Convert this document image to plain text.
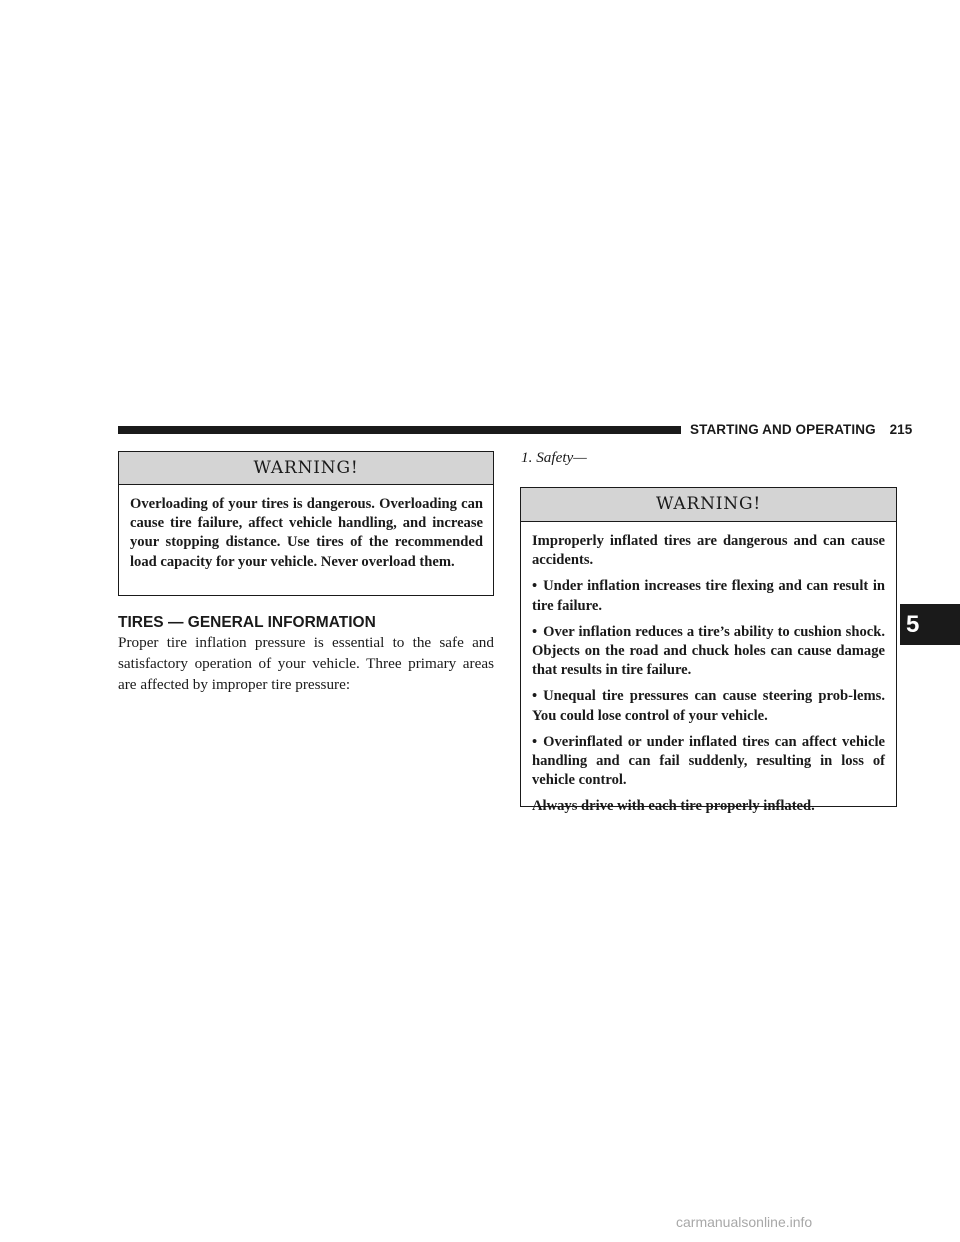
STARTING AND OPERATING 215
WARNING!

Overloading of your tires is dangerous. Overloading can cause tire failure, affect vehicle handling, and increase your stopping distance. Use tires of the recommended load capacity for your vehicle. Never overload them.

TIRES — GENERAL INFORMATION

Proper tire inflation pressure is essential to the safe and satisfactory operation of your vehicle. Three primary areas are affected by improper tire pressure:

1. Safety—
WARNING!

Improperly inflated tires are dangerous and can cause accidents.

• Under inflation increases tire flexing and can result in tire failure.

• Over inflation reduces a tire’s ability to cushion shock. Objects on the road and chuck holes can cause damage that results in tire failure.

• Unequal tire pressures can cause steering prob-lems. You could lose control of your vehicle.

• Overinflated or under inflated tires can affect vehicle handling and can fail suddenly, resulting in loss of vehicle control.

Always drive with each tire properly inflated.

5
carmanualsonline.info
